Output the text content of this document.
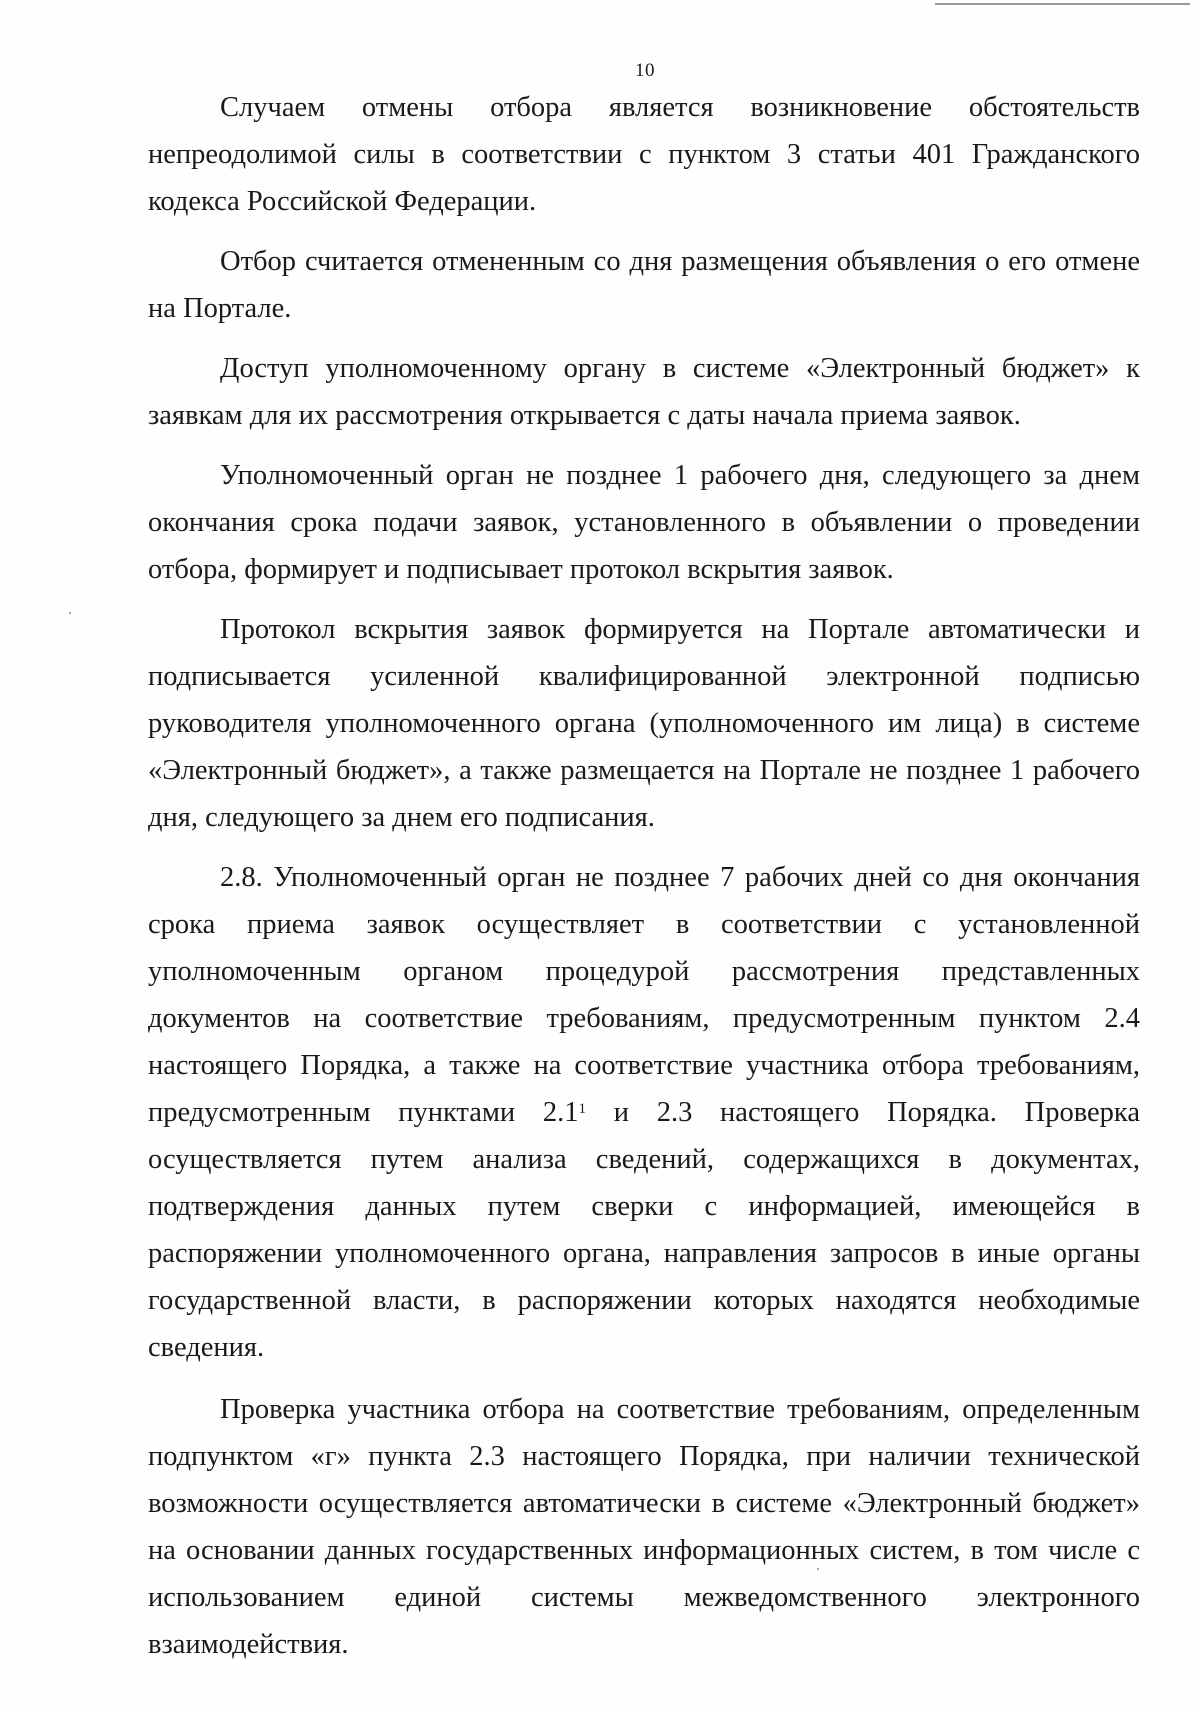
10

Случаем отмены отбора является возникновение обстоятельств непреодолимой силы в соответствии с пунктом 3 статьи 401 Гражданского кодекса Российской Федерации.

Отбор считается отмененным со дня размещения объявления о его отмене на Портале.

Доступ уполномоченному органу в системе «Электронный бюджет» к заявкам для их рассмотрения открывается с даты начала приема заявок.

Уполномоченный орган не позднее 1 рабочего дня, следующего за днем окончания срока подачи заявок, установленного в объявлении о проведении отбора, формирует и подписывает протокол вскрытия заявок.

Протокол вскрытия заявок формируется на Портале автоматически и подписывается усиленной квалифицированной электронной подписью руководителя уполномоченного органа (уполномоченного им лица) в системе «Электронный бюджет», а также размещается на Портале не позднее 1 рабочего дня, следующего за днем его подписания.

2.8. Уполномоченный орган не позднее 7 рабочих дней со дня окончания срока приема заявок осуществляет в соответствии с установленной уполномоченным органом процедурой рассмотрения представленных документов на соответствие требованиям, предусмотренным пунктом 2.4 настоящего Порядка, а также на соответствие участника отбора требованиям, предусмотренным пунктами $2.1^1$ и 2.3 настоящего Порядка. Проверка осуществляется путем анализа сведений, содержащихся в документах, подтверждения данных путем сверки с информацией, имеющейся в распоряжении уполномоченного органа, направления запросов в иные органы государственной власти, в распоряжении которых находятся необходимые сведения.

Проверка участника отбора на соответствие требованиям, определенным подпунктом «г» пункта 2.3 настоящего Порядка, при наличии технической возможности осуществляется автоматически в системе «Электронный бюджет» на основании данных государственных информационных систем, в том числе с использованием единой системы межведомственного электронного взаимодействия.
